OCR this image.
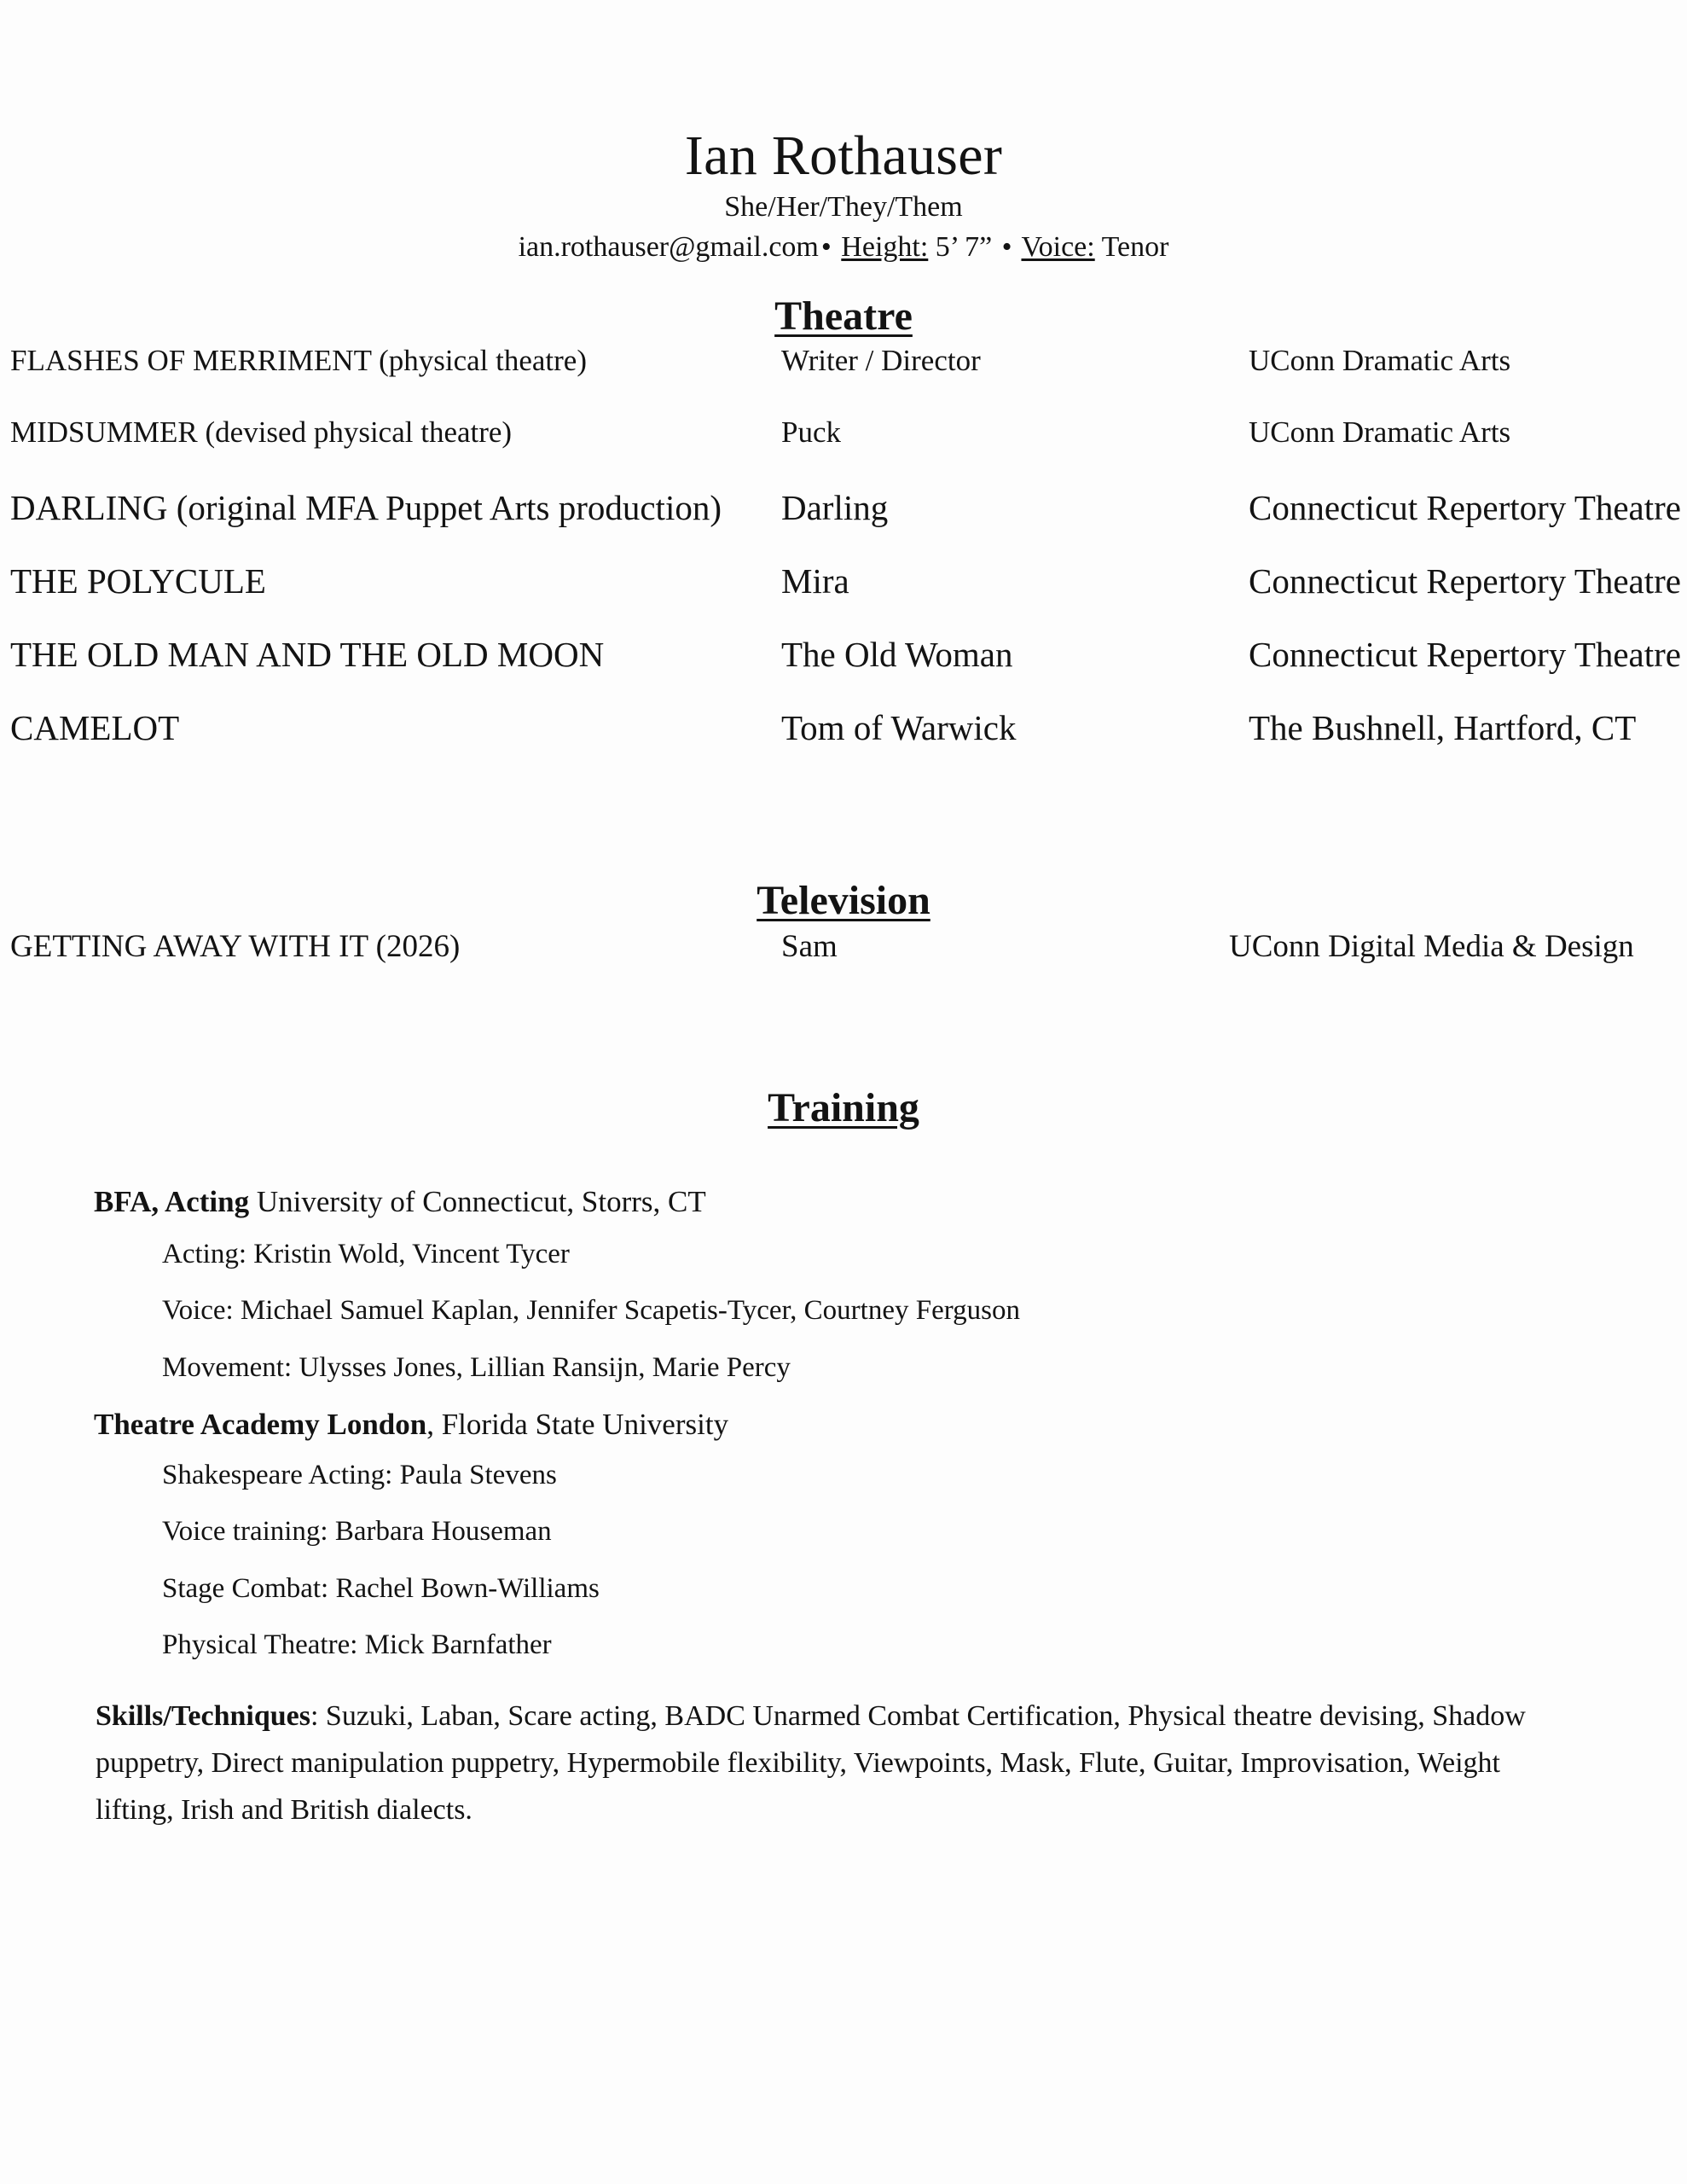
Ian Rothauser
She/Her/They/Them
ian.rothauser@gmail.com• Height: 5’ 7” • Voice: Tenor
Theatre
FLASHES OF MERRIMENT (physical theatre)	Writer / Director	UConn Dramatic Arts
MIDSUMMER (devised physical theatre)	Puck	UConn Dramatic Arts
DARLING (original MFA Puppet Arts production)	Darling	Connecticut Repertory Theatre
THE POLYCULE	Mira	Connecticut Repertory Theatre
THE OLD MAN AND THE OLD MOON	The Old Woman	Connecticut Repertory Theatre
CAMELOT	Tom of Warwick	The Bushnell, Hartford, CT
Television
GETTING AWAY WITH IT (2026)	Sam	UConn Digital Media & Design
Training

BFA, Acting University of Connecticut, Storrs, CT

Acting: Kristin Wold, Vincent Tycer

Voice: Michael Samuel Kaplan, Jennifer Scapetis-Tycer, Courtney Ferguson

Movement: Ulysses Jones, Lillian Ransijn, Marie Percy

Theatre Academy London, Florida State University

Shakespeare Acting: Paula Stevens

Voice training: Barbara Houseman

Stage Combat: Rachel Bown-Williams

Physical Theatre: Mick Barnfather

Skills/Techniques: Suzuki, Laban, Scare acting, BADC Unarmed Combat Certification, Physical theatre devising, Shadow puppetry, Direct manipulation puppetry, Hypermobile flexibility, Viewpoints, Mask, Flute, Guitar, Improvisation, Weight lifting, Irish and British dialects.
